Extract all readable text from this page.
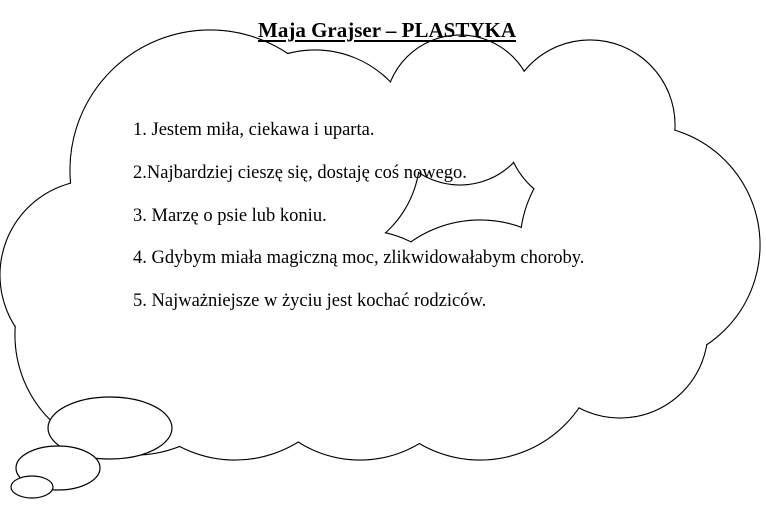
Maja Grajser – PLASTYKA
1. Jestem miła, ciekawa i uparta.
2.Najbardziej cieszę się, dostaję coś nowego.
3. Marzę o psie lub koniu.
4. Gdybym miała magiczną moc, zlikwidowałabym choroby.
5. Najważniejsze w życiu jest kochać rodziców.
